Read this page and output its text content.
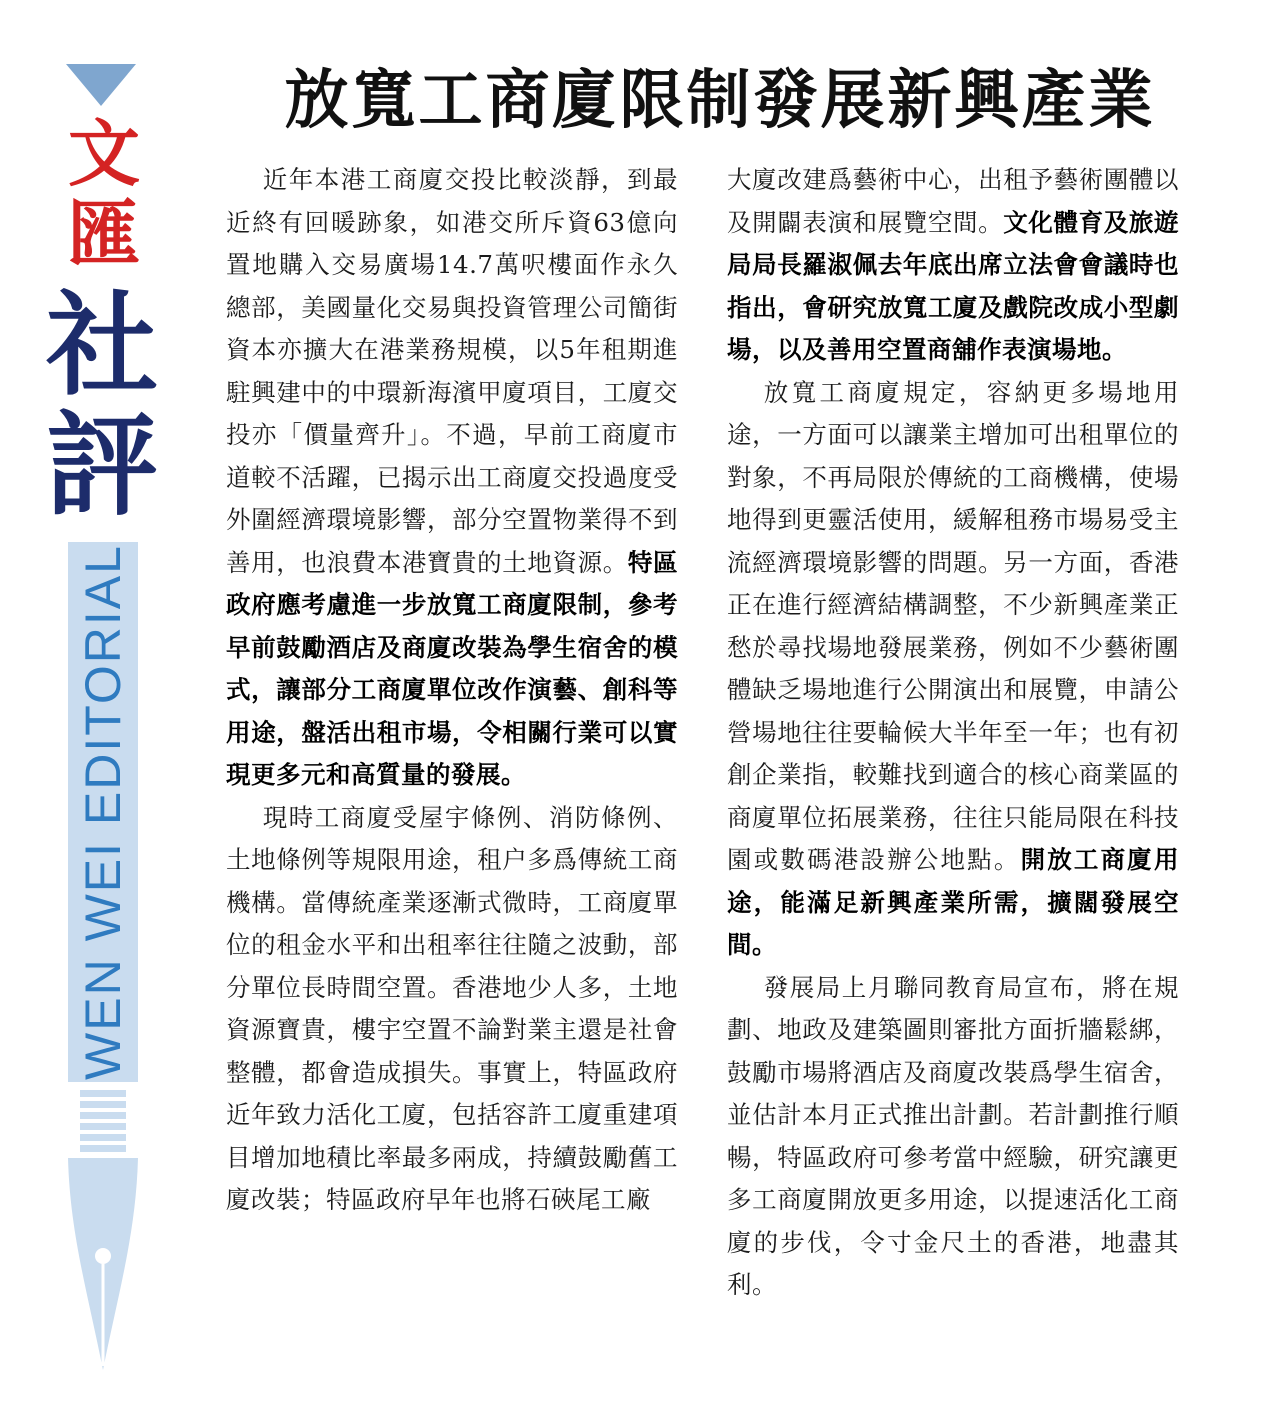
文
匯
社
評
WEN WEI EDITORIAL
放寬工商廈限制發展新興產業

近年本港工商廈交投比較淡靜，到最近終有回暖跡象，如港交所斥資63億向置地購入交易廣場14.7萬呎樓面作永久總部，美國量化交易與投資管理公司簡街資本亦擴大在港業務規模，以5年租期進駐興建中的中環新海濱甲廈項目，工廈交投亦「價量齊升」。不過，早前工商廈市道較不活躍，已揭示出工商廈交投過度受外圍經濟環境影響，部分空置物業得不到善用，也浪費本港寶貴的土地資源。特區政府應考慮進一步放寬工商廈限制，參考早前鼓勵酒店及商廈改裝為學生宿舍的模式，讓部分工商廈單位改作演藝、創科等用途，盤活出租市場，令相關行業可以實現更多元和高質量的發展。

現時工商廈受屋宇條例、消防條例、土地條例等規限用途，租户多爲傳統工商機構。當傳統產業逐漸式微時，工商廈單位的租金水平和出租率往往隨之波動，部分單位長時間空置。香港地少人多，土地資源寶貴，樓宇空置不論對業主還是社會整體，都會造成損失。事實上，特區政府近年致力活化工廈，包括容許工廈重建項目增加地積比率最多兩成，持續鼓勵舊工廈改裝；特區政府早年也將石硤尾工廠

大廈改建爲藝術中心，出租予藝術團體以及開闢表演和展覽空間。文化體育及旅遊局局長羅淑佩去年底出席立法會會議時也指出，會研究放寬工廈及戲院改成小型劇場，以及善用空置商舖作表演場地。

放寬工商廈規定，容納更多場地用途，一方面可以讓業主增加可出租單位的對象，不再局限於傳統的工商機構，使場地得到更靈活使用，緩解租務市場易受主流經濟環境影響的問題。另一方面，香港正在進行經濟結構調整，不少新興產業正愁於尋找場地發展業務，例如不少藝術團體缺乏場地進行公開演出和展覽，申請公營場地往往要輪候大半年至一年；也有初創企業指，較難找到適合的核心商業區的商廈單位拓展業務，往往只能局限在科技園或數碼港設辦公地點。開放工商廈用途，能滿足新興產業所需，擴闊發展空間。

發展局上月聯同教育局宣布，將在規劃、地政及建築圖則審批方面折牆鬆綁，鼓勵市場將酒店及商廈改裝爲學生宿舍，並估計本月正式推出計劃。若計劃推行順暢，特區政府可參考當中經驗，研究讓更多工商廈開放更多用途，以提速活化工商廈的步伐，令寸金尺土的香港，地盡其利。
